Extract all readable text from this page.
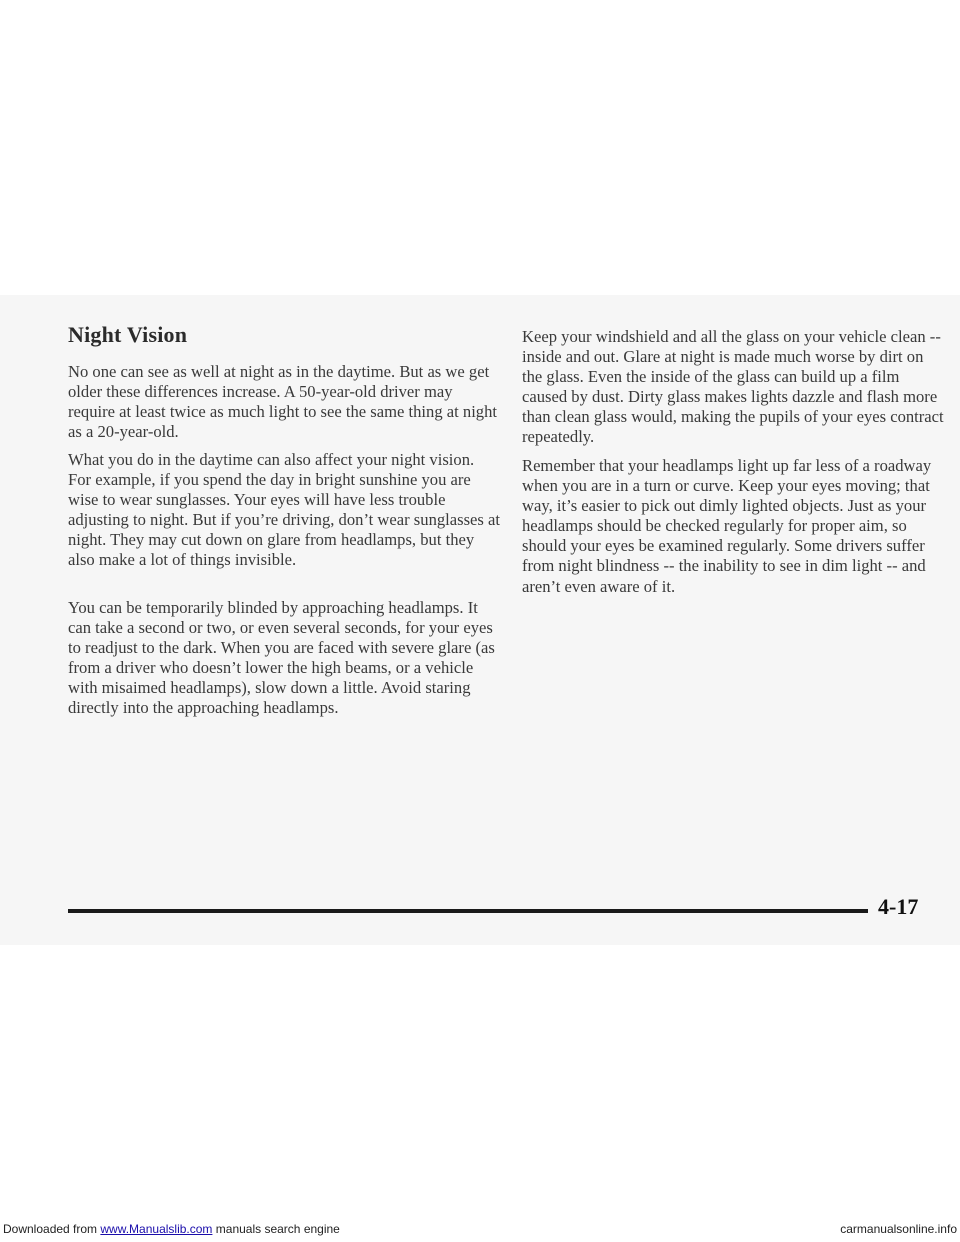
Night Vision

No one can see as well at night as in the daytime. But as we get older these differences increase. A 50-year-old driver may require at least twice as much light to see the same thing at night as a 20-year-old.

What you do in the daytime can also affect your night vision. For example, if you spend the day in bright sunshine you are wise to wear sunglasses. Your eyes will have less trouble adjusting to night. But if you’re driving, don’t wear sunglasses at night. They may cut down on glare from headlamps, but they also make a lot of things invisible.

You can be temporarily blinded by approaching headlamps. It can take a second or two, or even several seconds, for your eyes to readjust to the dark. When you are faced with severe glare (as from a driver who doesn’t lower the high beams, or a vehicle with misaimed headlamps), slow down a little. Avoid staring directly into the approaching headlamps.

Keep your windshield and all the glass on your vehicle clean -- inside and out. Glare at night is made much worse by dirt on the glass. Even the inside of the glass can build up a film caused by dust. Dirty glass makes lights dazzle and flash more than clean glass would, making the pupils of your eyes contract repeatedly.

Remember that your headlamps light up far less of a roadway when you are in a turn or curve. Keep your eyes moving; that way, it’s easier to pick out dimly lighted objects. Just as your headlamps should be checked regularly for proper aim, so should your eyes be examined regularly. Some drivers suffer from night blindness -- the inability to see in dim light -- and aren’t even aware of it.

4-17
Downloaded from www.Manualslib.com manuals search engine	carmanualsonline.info
